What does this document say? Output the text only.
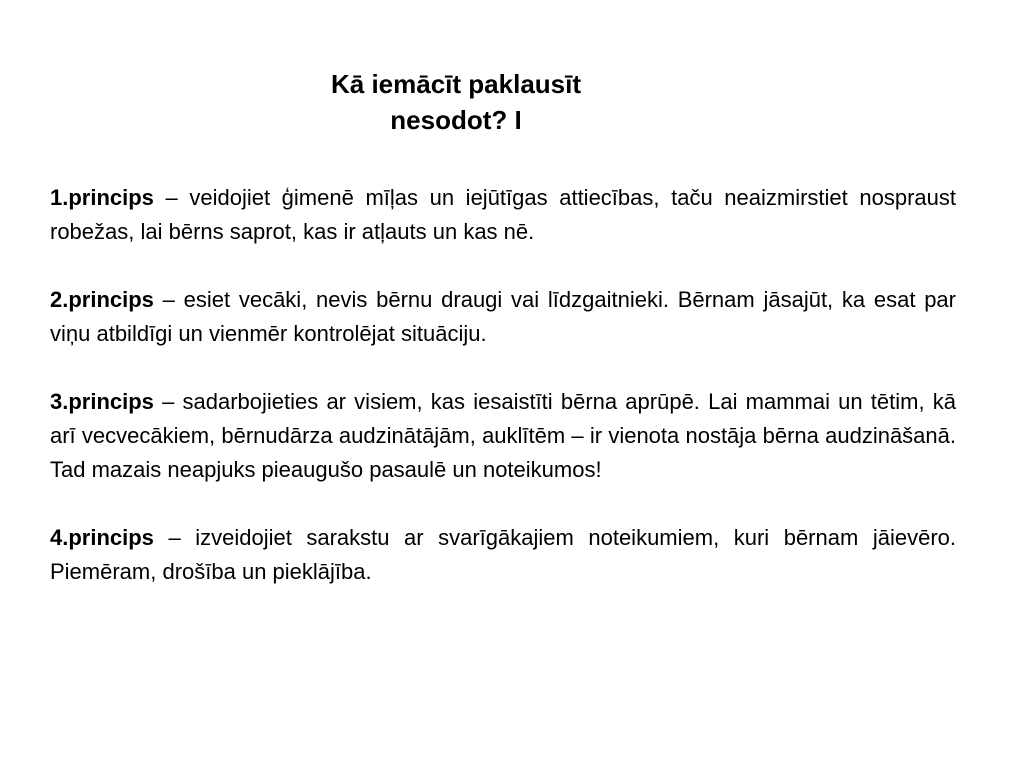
Kā iemācīt paklausīt
nesodot? I

1.princips – veidojiet ģimenē mīļas un iejūtīgas attiecības, taču neaizmirstiet nospraust robežas, lai bērns saprot, kas ir atļauts un kas nē.

2.princips – esiet vecāki, nevis bērnu draugi vai līdzgaitnieki. Bērnam jāsajūt, ka esat par viņu atbildīgi un vienmēr kontrolējat situāciju.

3.princips – sadarbojieties ar visiem, kas iesaistīti bērna aprūpē. Lai mammai un tētim, kā arī vecvecākiem, bērnudārza audzinātājām, auklītēm – ir vienota nostāja bērna audzināšanā. Tad mazais neapjuks pieaugušo pasaulē un noteikumos!

4.princips – izveidojiet sarakstu ar svarīgākajiem noteikumiem, kuri bērnam jāievēro. Piemēram, drošība un pieklājība.
